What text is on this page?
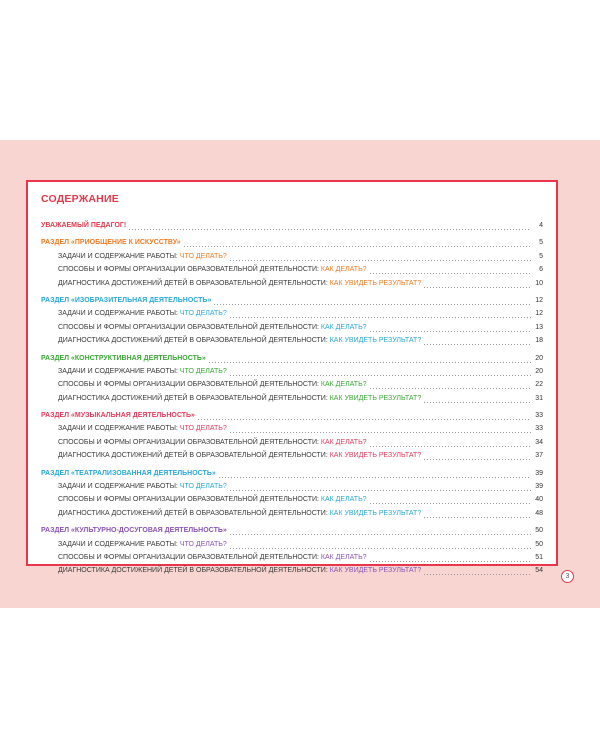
СОДЕРЖАНИЕ
УВАЖАЕМЫЙ ПЕДАГОГ!	4
РАЗДЕЛ «ПРИОБЩЕНИЕ К ИСКУССТВУ»	5
ЗАДАЧИ И СОДЕРЖАНИЕ РАБОТЫ: ЧТО ДЕЛАТЬ?	5
СПОСОБЫ И ФОРМЫ ОРГАНИЗАЦИИ ОБРАЗОВАТЕЛЬНОЙ ДЕЯТЕЛЬНОСТИ: КАК ДЕЛАТЬ?	6
ДИАГНОСТИКА ДОСТИЖЕНИЙ ДЕТЕЙ В ОБРАЗОВАТЕЛЬНОЙ ДЕЯТЕЛЬНОСТИ: КАК УВИДЕТЬ РЕЗУЛЬТАТ?	10
РАЗДЕЛ «ИЗОБРАЗИТЕЛЬНАЯ ДЕЯТЕЛЬНОСТЬ»	12
ЗАДАЧИ И СОДЕРЖАНИЕ РАБОТЫ: ЧТО ДЕЛАТЬ?	12
СПОСОБЫ И ФОРМЫ ОРГАНИЗАЦИИ ОБРАЗОВАТЕЛЬНОЙ ДЕЯТЕЛЬНОСТИ: КАК ДЕЛАТЬ?	13
ДИАГНОСТИКА ДОСТИЖЕНИЙ ДЕТЕЙ В ОБРАЗОВАТЕЛЬНОЙ ДЕЯТЕЛЬНОСТИ: КАК УВИДЕТЬ РЕЗУЛЬТАТ?	18
РАЗДЕЛ «КОНСТРУКТИВНАЯ ДЕЯТЕЛЬНОСТЬ»	20
ЗАДАЧИ И СОДЕРЖАНИЕ РАБОТЫ: ЧТО ДЕЛАТЬ?	20
СПОСОБЫ И ФОРМЫ ОРГАНИЗАЦИИ ОБРАЗОВАТЕЛЬНОЙ ДЕЯТЕЛЬНОСТИ: КАК ДЕЛАТЬ?	22
ДИАГНОСТИКА ДОСТИЖЕНИЙ ДЕТЕЙ В ОБРАЗОВАТЕЛЬНОЙ ДЕЯТЕЛЬНОСТИ: КАК УВИДЕТЬ РЕЗУЛЬТАТ?	31
РАЗДЕЛ «МУЗЫКАЛЬНАЯ ДЕЯТЕЛЬНОСТЬ»	33
ЗАДАЧИ И СОДЕРЖАНИЕ РАБОТЫ: ЧТО ДЕЛАТЬ?	33
СПОСОБЫ И ФОРМЫ ОРГАНИЗАЦИИ ОБРАЗОВАТЕЛЬНОЙ ДЕЯТЕЛЬНОСТИ: КАК ДЕЛАТЬ?	34
ДИАГНОСТИКА ДОСТИЖЕНИЙ ДЕТЕЙ В ОБРАЗОВАТЕЛЬНОЙ ДЕЯТЕЛЬНОСТИ: КАК УВИДЕТЬ РЕЗУЛЬТАТ?	37
РАЗДЕЛ «ТЕАТРАЛИЗОВАННАЯ ДЕЯТЕЛЬНОСТЬ»	39
ЗАДАЧИ И СОДЕРЖАНИЕ РАБОТЫ: ЧТО ДЕЛАТЬ?	39
СПОСОБЫ И ФОРМЫ ОРГАНИЗАЦИИ ОБРАЗОВАТЕЛЬНОЙ ДЕЯТЕЛЬНОСТИ: КАК ДЕЛАТЬ?	40
ДИАГНОСТИКА ДОСТИЖЕНИЙ ДЕТЕЙ В ОБРАЗОВАТЕЛЬНОЙ ДЕЯТЕЛЬНОСТИ: КАК УВИДЕТЬ РЕЗУЛЬТАТ?	48
РАЗДЕЛ «КУЛЬТУРНО-ДОСУГОВАЯ ДЕЯТЕЛЬНОСТЬ»	50
ЗАДАЧИ И СОДЕРЖАНИЕ РАБОТЫ: ЧТО ДЕЛАТЬ?	50
СПОСОБЫ И ФОРМЫ ОРГАНИЗАЦИИ ОБРАЗОВАТЕЛЬНОЙ ДЕЯТЕЛЬНОСТИ: КАК ДЕЛАТЬ?	51
ДИАГНОСТИКА ДОСТИЖЕНИЙ ДЕТЕЙ В ОБРАЗОВАТЕЛЬНОЙ ДЕЯТЕЛЬНОСТИ: КАК УВИДЕТЬ РЕЗУЛЬТАТ?	54
3
